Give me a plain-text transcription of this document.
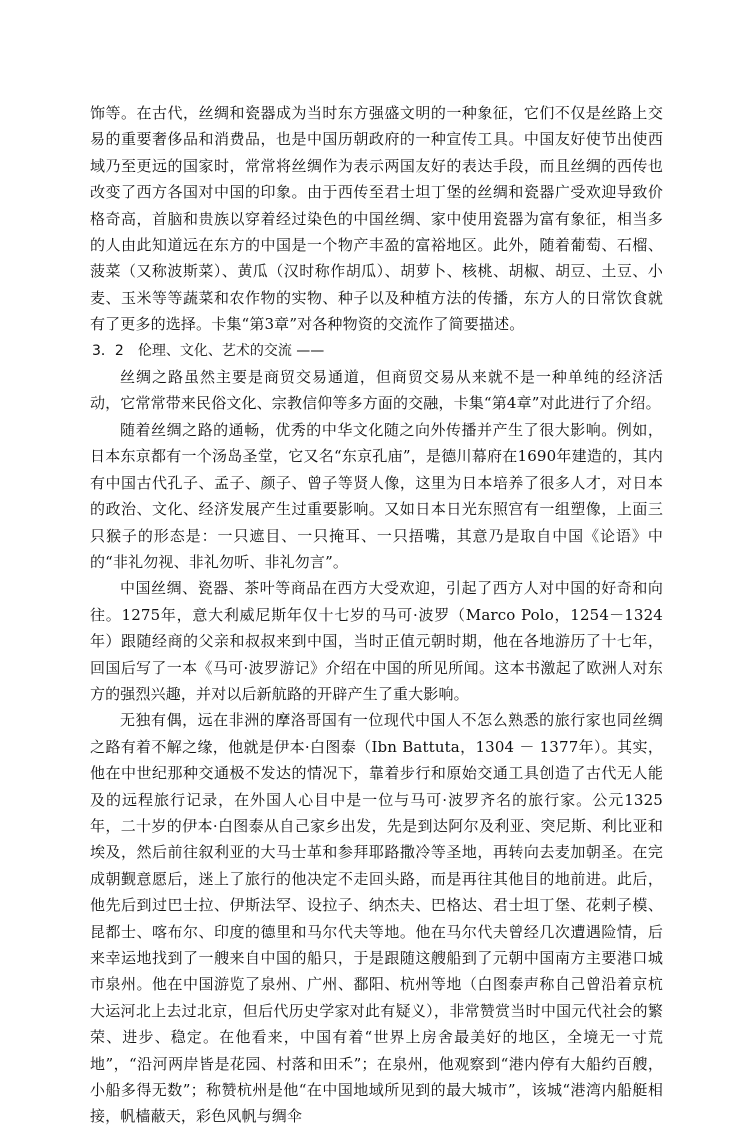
饰等。在古代，丝绸和瓷器成为当时东方强盛文明的一种象征，它们不仅是丝路上交易的重要奢侈品和消费品，也是中国历朝政府的一种宣传工具。中国友好使节出使西域乃至更远的国家时，常常将丝绸作为表示两国友好的表达手段，而且丝绸的西传也改变了西方各国对中国的印象。由于西传至君士坦丁堡的丝绸和瓷器广受欢迎导致价格奇高，首脑和贵族以穿着经过染色的中国丝绸、家中使用瓷器为富有象征，相当多的人由此知道远在东方的中国是一个物产丰盈的富裕地区。此外，随着葡萄、石榴、菠菜（又称波斯菜）、黄瓜（汉时称作胡瓜）、胡萝卜、核桃、胡椒、胡豆、土豆、小麦、玉米等等蔬菜和农作物的实物、种子以及种植方法的传播，东方人的日常饮食就有了更多的选择。卡集“第3章”对各种物资的交流作了简要描述。

3．2　伦理、文化、艺术的交流 ——

丝绸之路虽然主要是商贸交易通道，但商贸交易从来就不是一种单纯的经济活动，它常常带来民俗文化、宗教信仰等多方面的交融，卡集“第4章”对此进行了介绍。

随着丝绸之路的通畅，优秀的中华文化随之向外传播并产生了很大影响。例如，日本东京都有一个汤岛圣堂，它又名“东京孔庙”，是德川幕府在1690年建造的，其内有中国古代孔子、孟子、颜子、曾子等贤人像，这里为日本培养了很多人才，对日本的政治、文化、经济发展产生过重要影响。又如日本日光东照宫有一组塑像，上面三只猴子的形态是：一只遮目、一只掩耳、一只捂嘴，其意乃是取自中国《论语》中的“非礼勿视、非礼勿听、非礼勿言”。

中国丝绸、瓷器、茶叶等商品在西方大受欢迎，引起了西方人对中国的好奇和向往。1275年，意大利威尼斯年仅十七岁的马可·波罗（Marco Polo，1254－1324年）跟随经商的父亲和叔叔来到中国，当时正值元朝时期，他在各地游历了十七年，回国后写了一本《马可·波罗游记》介绍在中国的所见所闻。这本书激起了欧洲人对东方的强烈兴趣，并对以后新航路的开辟产生了重大影响。

无独有偶，远在非洲的摩洛哥国有一位现代中国人不怎么熟悉的旅行家也同丝绸之路有着不解之缘，他就是伊本·白图泰（Ibn Battuta，1304 － 1377年）。其实，他在中世纪那种交通极不发达的情况下，靠着步行和原始交通工具创造了古代无人能及的远程旅行记录，在外国人心目中是一位与马可·波罗齐名的旅行家。公元1325年，二十岁的伊本·白图泰从自己家乡出发，先是到达阿尔及利亚、突尼斯、利比亚和埃及，然后前往叙利亚的大马士革和参拜耶路撒冷等圣地，再转向去麦加朝圣。在完成朝觐意愿后，迷上了旅行的他决定不走回头路，而是再往其他目的地前进。此后，他先后到过巴士拉、伊斯法罕、设拉子、纳杰夫、巴格达、君士坦丁堡、花剌子模、昆都士、喀布尔、印度的德里和马尔代夫等地。他在马尔代夫曾经几次遭遇险情，后来幸运地找到了一艘来自中国的船只，于是跟随这艘船到了元朝中国南方主要港口城市泉州。他在中国游览了泉州、广州、鄱阳、杭州等地（白图泰声称自己曾沿着京杭大运河北上去过北京，但后代历史学家对此有疑义），非常赞赏当时中国元代社会的繁荣、进步、稳定。在他看来，中国有着“世界上房舍最美好的地区，全境无一寸荒地”，“沿河两岸皆是花园、村落和田禾”；在泉州，他观察到“港内停有大船约百艘，小船多得无数”；称赞杭州是他“在中国地域所见到的最大城市”，该城“港湾内船艇相接，帆樯蔽天，彩色风帆与绸伞
